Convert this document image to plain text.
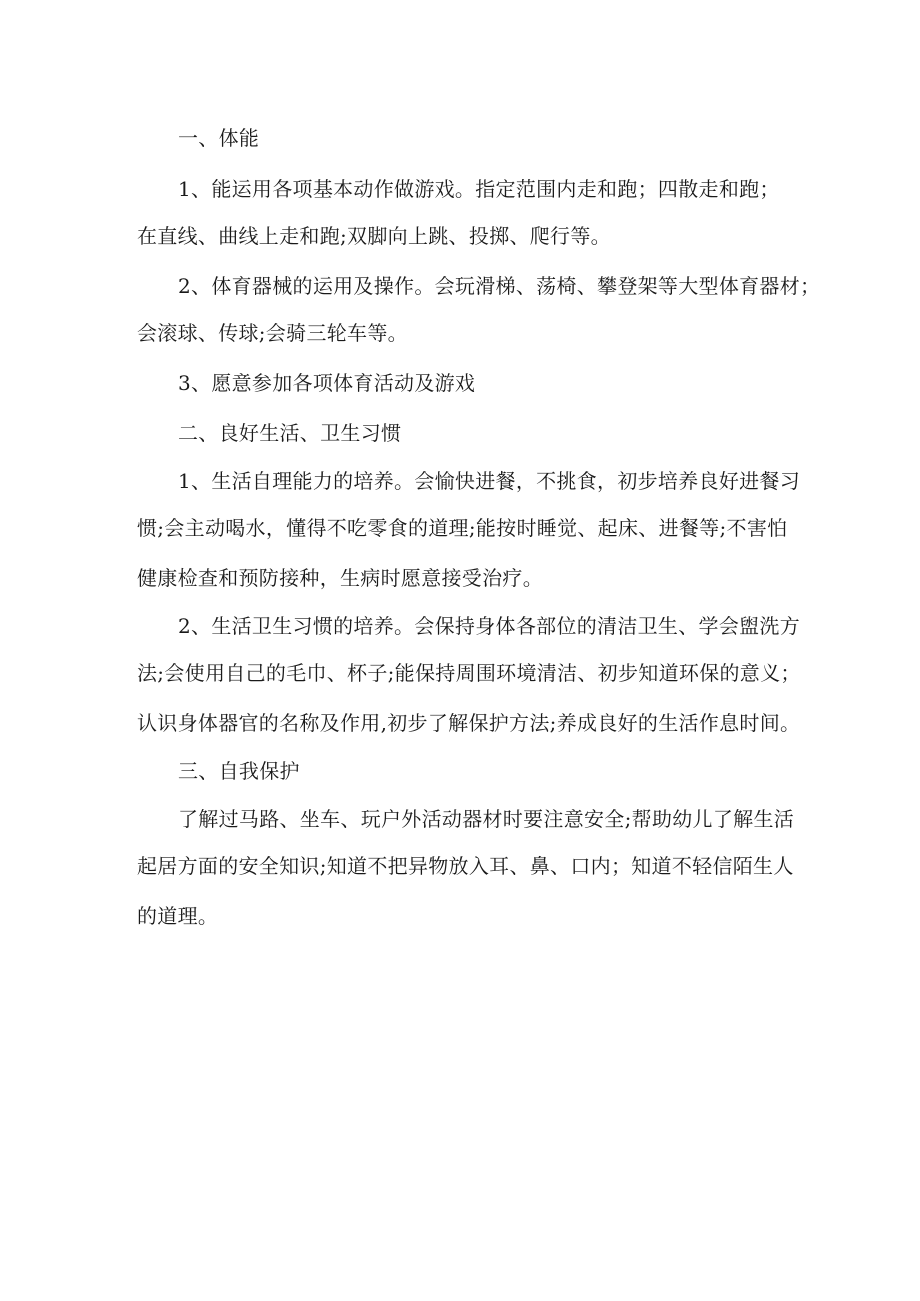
一、体能
1、能运用各项基本动作做游戏。指定范围内走和跑；四散走和跑；
在直线、曲线上走和跑;双脚向上跳、投掷、爬行等。
2、体育器械的运用及操作。会玩滑梯、荡椅、攀登架等大型体育器材；
会滚球、传球;会骑三轮车等。
3、愿意参加各项体育活动及游戏
二、良好生活、卫生习惯
1、生活自理能力的培养。会愉快进餐，不挑食，初步培养良好进餐习
惯;会主动喝水，懂得不吃零食的道理;能按时睡觉、起床、进餐等;不害怕
健康检查和预防接种，生病时愿意接受治疗。
2、生活卫生习惯的培养。会保持身体各部位的清洁卫生、学会盥洗方
法;会使用自己的毛巾、杯子;能保持周围环境清洁、初步知道环保的意义；
认识身体器官的名称及作用,初步了解保护方法;养成良好的生活作息时间。
三、自我保护
了解过马路、坐车、玩户外活动器材时要注意安全;帮助幼儿了解生活
起居方面的安全知识;知道不把异物放入耳、鼻、口内；知道不轻信陌生人
的道理。
